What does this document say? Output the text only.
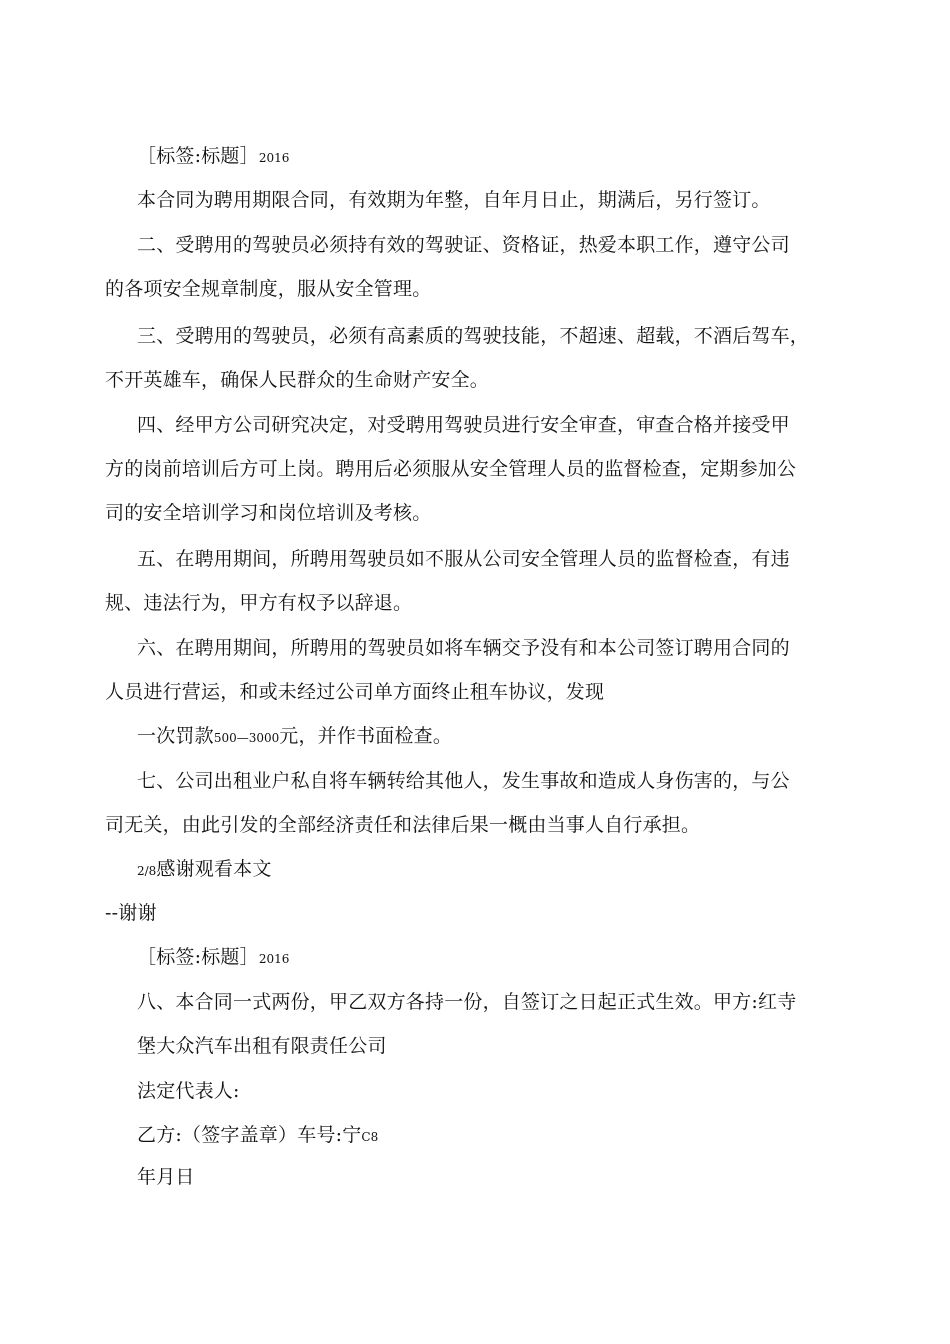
［标签:标题］2016
本合同为聘用期限合同，有效期为年整，自年月日止，期满后，另行签订。
二、受聘用的驾驶员必须持有效的驾驶证、资格证，热爱本职工作，遵守公司
的各项安全规章制度，服从安全管理。
三、受聘用的驾驶员，必须有高素质的驾驶技能，不超速、超载，不酒后驾车，
不开英雄车，确保人民群众的生命财产安全。
四、经甲方公司研究决定，对受聘用驾驶员进行安全审查，审查合格并接受甲
方的岗前培训后方可上岗。聘用后必须服从安全管理人员的监督检查，定期参加公
司的安全培训学习和岗位培训及考核。
五、在聘用期间，所聘用驾驶员如不服从公司安全管理人员的监督检查，有违
规、违法行为，甲方有权予以辞退。
六、在聘用期间，所聘用的驾驶员如将车辆交予没有和本公司签订聘用合同的
人员进行营运，和或未经过公司单方面终止租车协议，发现
一次罚款500—3000元，并作书面检查。
七、公司出租业户私自将车辆转给其他人，发生事故和造成人身伤害的，与公
司无关，由此引发的全部经济责任和法律后果一概由当事人自行承担。
2/8感谢观看本文
--谢谢
［标签:标题］2016
八、本合同一式两份，甲乙双方各持一份，自签订之日起正式生效。甲方:红寺
堡大众汽车出租有限责任公司
法定代表人:
乙方:（签字盖章）车号:宁C8
年月日
